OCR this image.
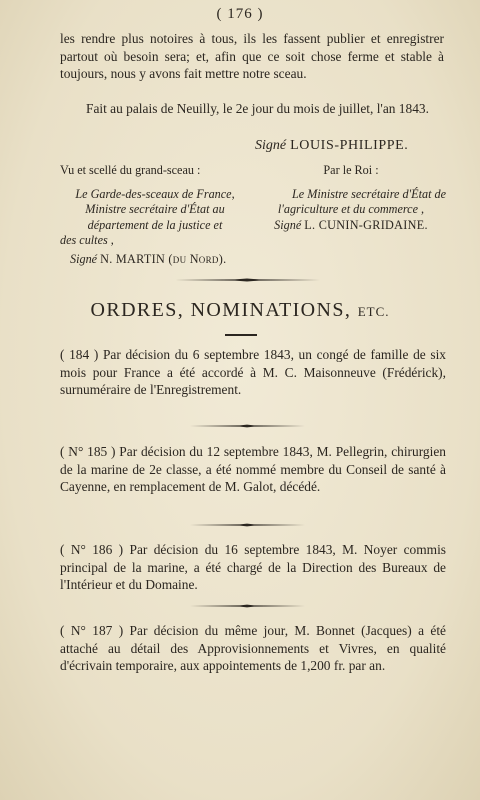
( 176 )
les rendre plus notoires à tous, ils les fassent publier et enregistrer partout où besoin sera; et, afin que ce soit chose ferme et stable à toujours, nous y avons fait mettre notre sceau.
Fait au palais de Neuilly, le 2e jour du mois de juillet, l'an 1843.
Signé LOUIS-PHILIPPE.
Vu et scellé du grand-sceau :
Le Garde-des-sceaux de France,
Ministre secrétaire d'État au
département de la justice et
des cultes ,
Signé N. MARTIN (du Nord).
Par le Roi :
Le Ministre secrétaire d'État de
l'agriculture et du commerce ,
Signé L. CUNIN-GRIDAINE.
ORDRES, NOMINATIONS, ETC.
( 184 ) Par décision du 6 septembre 1843, un congé de famille de six mois pour France a été accordé à M. C. Maisonneuve (Frédérick), surnuméraire de l'Enregistrement.
( N° 185 ) Par décision du 12 septembre 1843, M. Pellegrin, chirurgien de la marine de 2e classe, a été nommé membre du Conseil de santé à Cayenne, en remplacement de M. Galot, décédé.
( N° 186 ) Par décision du 16 septembre 1843, M. Noyer commis principal de la marine, a été chargé de la Direction des Bureaux de l'Intérieur et du Domaine.
( N° 187 ) Par décision du même jour, M. Bonnet (Jacques) a été attaché au détail des Approvisionnements et Vivres, en qualité d'écrivain temporaire, aux appointements de 1,200 fr. par an.
